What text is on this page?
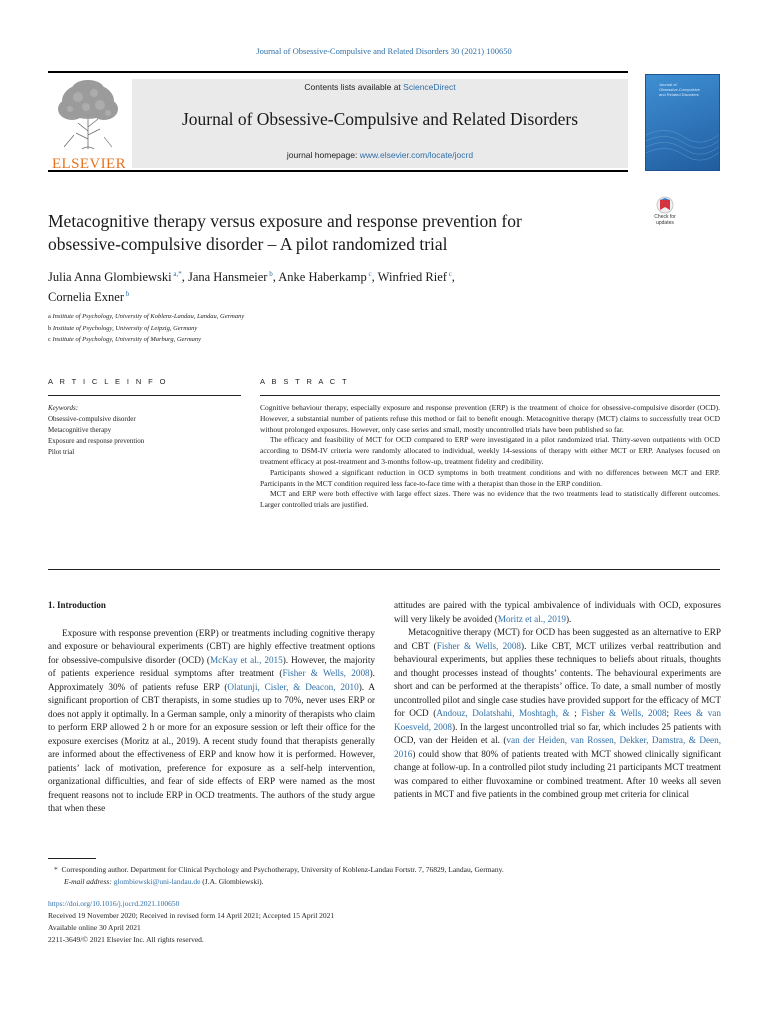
Journal of Obsessive-Compulsive and Related Disorders 30 (2021) 100650
ELSEVIER
Contents lists available at ScienceDirect
Journal of Obsessive-Compulsive and Related Disorders
journal homepage: www.elsevier.com/locate/jocrd
Journal of
Obsessive-Compulsive
and Related Disorders
Check for
updates
Metacognitive therapy versus exposure and response prevention for
obsessive-compulsive disorder – A pilot randomized trial
Julia Anna Glombiewski $^{a,*}$, Jana Hansmeier $^b$, Anke Haberkamp $^c$, Winfried Rief $^c$,
Cornelia Exner $^b$
a Institute of Psychology, University of Koblenz-Landau, Landau, Germany
b Institute of Psychology, University of Leipzig, Germany
c Institute of Psychology, University of Marburg, Germany
A R T I C L E I N F O	A B S T R A C T
Keywords:
Obsessive-compulsive disorder
Metacognitive therapy
Exposure and response prevention
Pilot trial

Cognitive behaviour therapy, especially exposure and response prevention (ERP) is the treatment of choice for obsessive-compulsive disorder (OCD). However, a substantial number of patients refuse this method or fail to benefit enough. Metacognitive therapy (MCT) claims to successfully treat OCD without prolonged exposures. However, only case series and small, mostly uncontrolled trials have been published so far.

The efficacy and feasibility of MCT for OCD compared to ERP were investigated in a pilot randomized trial. Thirty-seven outpatients with OCD according to DSM-IV criteria were randomly allocated to individual, weekly 14-sessions of therapy with either MCT or ERP. Analyses focused on treatment efficacy at post-treatment and 3-months follow-up, treatment fidelity and credibility.

Participants showed a significant reduction in OCD symptoms in both treatment conditions and with no differences between MCT and ERP. Participants in the MCT condition required less face-to-face time with a therapist than those in the ERP condition.

MCT and ERP were both effective with large effect sizes. There was no evidence that the two treatments lead to statistically different outcomes. Larger controlled trials are justified.

1. Introduction

Exposure with response prevention (ERP) or treatments including cognitive therapy and exposure or behavioural experiments (CBT) are highly effective treatment options for obsessive-compulsive disorder (OCD) (McKay et al., 2015). However, the majority of patients experience residual symptoms after treatment (Fisher & Wells, 2008). Approximately 30% of patients refuse ERP (Olatunji, Cisler, & Deacon, 2010). A significant proportion of CBT therapists, in some studies up to 70%, never uses ERP or does not apply it optimally. In a German sample, only a minority of therapists who claim to perform ERP allowed 2 h or more for an exposure session or left their office for the exposure exercises (Moritz at al., 2019). A recent study found that therapists generally are informed about the effectiveness of ERP and know how it is performed. However, patients’ lack of motivation, preference for exposure as a self-help intervention, organizational difficulties, and fear of side effects of ERP were named as the most frequent reasons not to include ERP in OCD treatments. The authors of the study argue that when these

attitudes are paired with the typical ambivalence of individuals with OCD, exposures will very likely be avoided (Moritz et al., 2019).

Metacognitive therapy (MCT) for OCD has been suggested as an alternative to ERP and CBT (Fisher & Wells, 2008). Like CBT, MCT utilizes verbal reattribution and behavioural experiments, but applies these techniques to beliefs about rituals, thoughts and thought processes instead of thoughts’ contents. The behavioural experiments are short and can be performed at the therapists’ office. To date, a small number of mostly uncontrolled pilot and single case studies have provided support for the efficacy of MCT for OCD (Andouz, Dolatshahi, Moshtagh, & ; Fisher & Wells, 2008; Rees & van Koesveld, 2008). In the largest uncontrolled trial so far, which includes 25 patients with OCD, van der Heiden et al. (van der Heiden, van Rossen, Dekker, Damstra, & Deen, 2016) could show that 80% of patients treated with MCT showed clinically significant change at follow-up. In a controlled pilot study including 21 participants MCT treatment was compared to either fluvoxamine or combined treatment. After 10 weeks all seven patients in MCT and five patients in the combined group met criteria for clinical

* Corresponding author. Department for Clinical Psychology and Psychotherapy, University of Koblenz-Landau Fortstr. 7, 76829, Landau, Germany.
E-mail address: glombiewski@uni-landau.de (J.A. Glombiewski).
https://doi.org/10.1016/j.jocrd.2021.100650
Received 19 November 2020; Received in revised form 14 April 2021; Accepted 15 April 2021
Available online 30 April 2021
2211-3649/© 2021 Elsevier Inc. All rights reserved.
